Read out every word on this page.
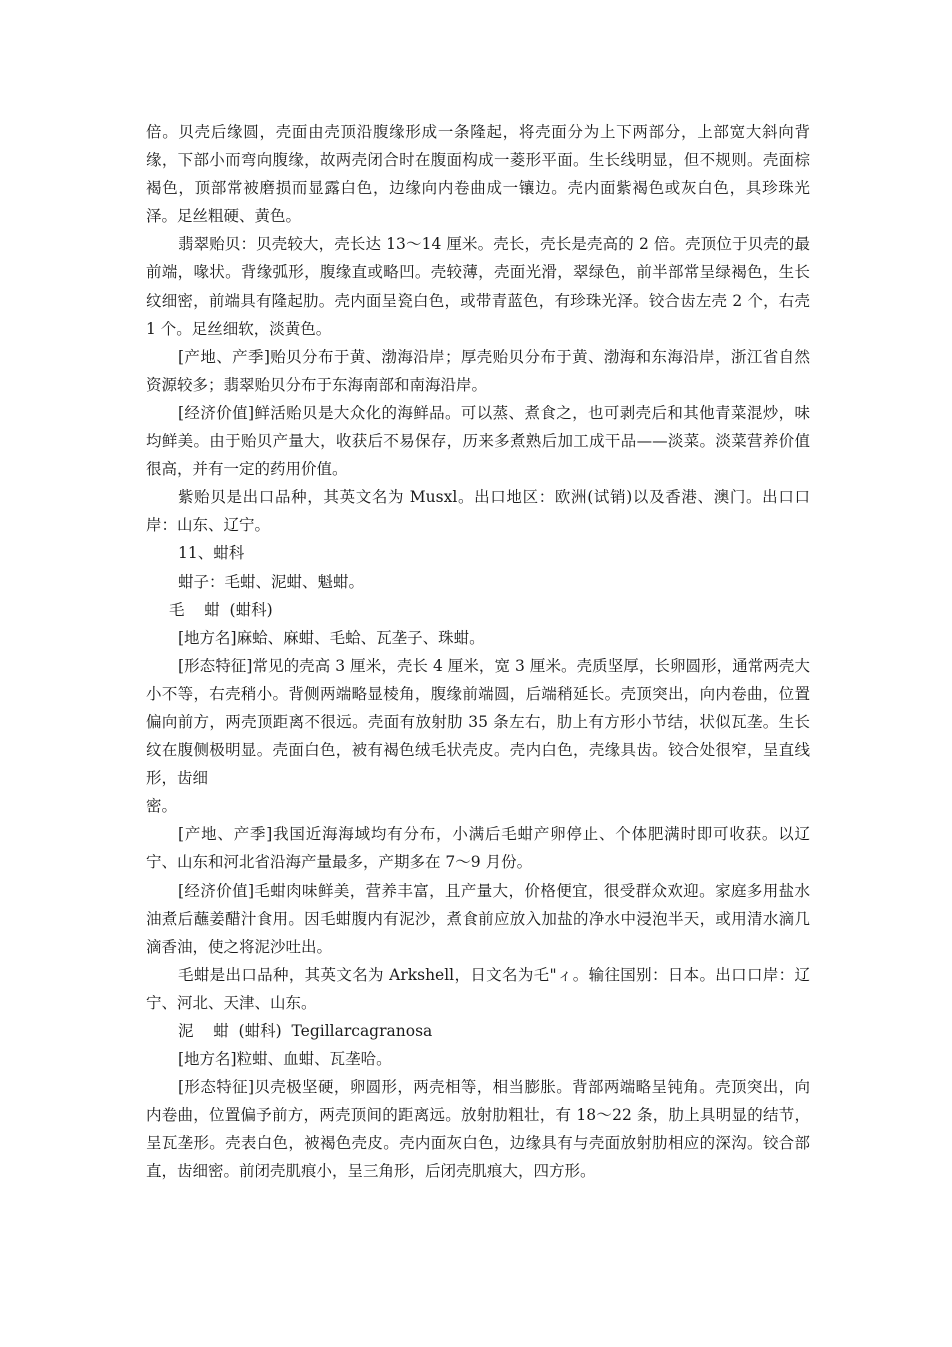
倍。贝壳后缘圆，壳面由壳顶沿腹缘形成一条隆起，将壳面分为上下两部分，上部宽大斜向背缘，下部小而弯向腹缘，故两壳闭合时在腹面构成一菱形平面。生长线明显，但不规则。壳面棕褐色，顶部常被磨损而显露白色，边缘向内卷曲成一镶边。壳内面紫褐色或灰白色，具珍珠光泽。足丝粗硬、黄色。

翡翠贻贝：贝壳较大，壳长达 13～14 厘米。壳长，壳长是壳高的 2 倍。壳顶位于贝壳的最前端，喙状。背缘弧形，腹缘直或略凹。壳较薄，壳面光滑，翠绿色，前半部常呈绿褐色，生长纹细密，前端具有隆起肋。壳内面呈瓷白色，或带青蓝色，有珍珠光泽。铰合齿左壳 2 个，右壳 1 个。足丝细软，淡黄色。

[产地、产季]贻贝分布于黄、渤海沿岸；厚壳贻贝分布于黄、渤海和东海沿岸，浙江省自然资源较多；翡翠贻贝分布于东海南部和南海沿岸。

[经济价值]鲜活贻贝是大众化的海鲜品。可以蒸、煮食之，也可剥壳后和其他青菜混炒，味均鲜美。由于贻贝产量大，收获后不易保存，历来多煮熟后加工成干品——淡菜。淡菜营养价值很高，并有一定的药用价值。

紫贻贝是出口品种，其英文名为 Musxl。出口地区：欧洲(试销)以及香港、澳门。出口口岸：山东、辽宁。

11、蚶科

蚶子：毛蚶、泥蚶、魁蚶。

毛    蚶  (蚶科)

[地方名]麻蛤、麻蚶、毛蛤、瓦垄子、珠蚶。

[形态特征]常见的壳高 3 厘米，壳长 4 厘米，宽 3 厘米。壳质坚厚，长卵圆形，通常两壳大小不等，右壳稍小。背侧两端略显棱角，腹缘前端圆，后端稍延长。壳顶突出，向内卷曲，位置偏向前方，两壳顶距离不很远。壳面有放射肋 35 条左右，肋上有方形小节结，状似瓦垄。生长纹在腹侧极明显。壳面白色，被有褐色绒毛状壳皮。壳内白色，壳缘具齿。铰合处很窄，呈直线形，齿细

密。

[产地、产季]我国近海海域均有分布，小满后毛蚶产卵停止、个体肥满时即可收获。以辽宁、山东和河北省沿海产量最多，产期多在 7～9 月份。

[经济价值]毛蚶肉味鲜美，营养丰富，且产量大，价格便宜，很受群众欢迎。家庭多用盐水油煮后蘸姜醋汁食用。因毛蚶腹内有泥沙，煮食前应放入加盐的净水中浸泡半天，或用清水滴几滴香油，使之将泥沙吐出。

毛蚶是出口品种，其英文名为 Arkshell，日文名为乇"ィ。输往国别：日本。出口口岸：辽宁、河北、天津、山东。

泥    蚶  (蚶科)  Tegillarcagranosa

[地方名]粒蚶、血蚶、瓦垄哈。

[形态特征]贝壳极坚硬，卵圆形，两壳相等，相当膨胀。背部两端略呈钝角。壳顶突出，向内卷曲，位置偏予前方，两壳顶间的距离远。放射肋粗壮，有 18～22 条，肋上具明显的结节，呈瓦垄形。壳表白色，被褐色壳皮。壳内面灰白色，边缘具有与壳面放射肋相应的深沟。铰合部直，齿细密。前闭壳肌痕小，呈三角形，后闭壳肌痕大，四方形。
